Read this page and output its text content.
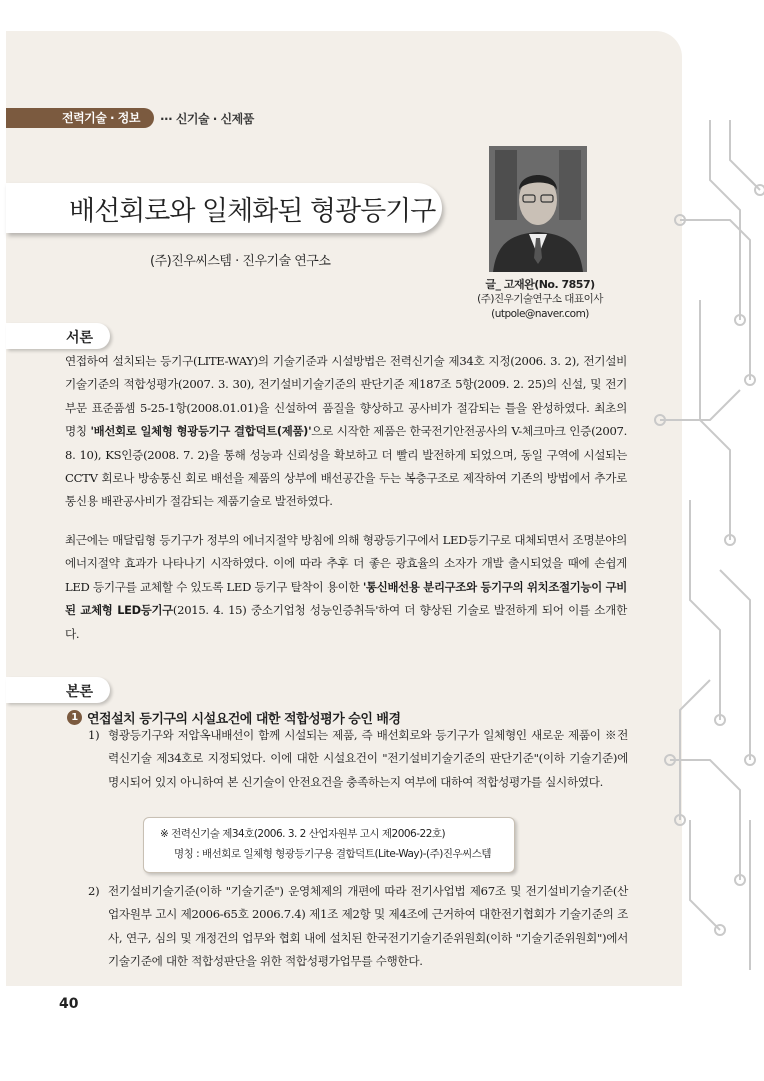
전력기술 · 정보	··· 신기술 · 신제품
배선회로와 일체화된 형광등기구
(주)진우씨스템 · 진우기술 연구소
글_ 고재완(No. 7857)
(주)진우기술연구소 대표이사
(utpole@naver.com)
서론
연접하여 설치되는 등기구(LITE-WAY)의 기술기준과 시설방법은 전력신기술 제34호 지정(2006. 3. 2), 전기설비기술기준의 적합성평가(2007. 3. 30), 전기설비기술기준의 판단기준 제187조 5항(2009. 2. 25)의 신설, 및 전기부문 표준품셈 5-25-1항(2008.01.01)을 신설하여 품질을 향상하고 공사비가 절감되는 틀을 완성하였다. 최초의 명칭 '배선회로 일체형 형광등기구 결합덕트(제품)'으로 시작한 제품은 한국전기안전공사의 V-체크마크 인증(2007. 8. 10), KS인증(2008. 7. 2)을 통해 성능과 신뢰성을 확보하고 더 빨리 발전하게 되었으며, 동일 구역에 시설되는 CCTV 회로나 방송통신 회로 배선을 제품의 상부에 배선공간을 두는 복층구조로 제작하여 기존의 방법에서 추가로 통신용 배관공사비가 절감되는 제품기술로 발전하였다.
최근에는 매달림형 등기구가 정부의 에너지절약 방침에 의해 형광등기구에서 LED등기구로 대체되면서 조명분야의 에너지절약 효과가 나타나기 시작하였다. 이에 따라 추후 더 좋은 광효율의 소자가 개발 출시되었을 때에 손쉽게 LED 등기구를 교체할 수 있도록 LED 등기구 탈착이 용이한 '통신배선용 분리구조와 등기구의 위치조절기능이 구비된 교체형 LED등기구(2015. 4. 15) 중소기업청 성능인증취득'하여 더 향상된 기술로 발전하게 되어 이를 소개한다.
본론
1 연접설치 등기구의 시설요건에 대한 적합성평가 승인 배경
1) 형광등기구와 저압옥내배선이 함께 시설되는 제품, 즉 배선회로와 등기구가 일체형인 새로운 제품이 ※전력신기술 제34호로 지정되었다. 이에 대한 시설요건이 "전기설비기술기준의 판단기준"(이하 기술기준)에 명시되어 있지 아니하여 본 신기술이 안전요건을 충족하는지 여부에 대하여 적합성평가를 실시하였다.
※ 전력신기술 제34호(2006. 3. 2 산업자원부 고시 제2006-22호)
명칭 : 배선회로 일체형 형광등기구용 결합덕트(Lite-Way)-(주)진우씨스템
2) 전기설비기술기준(이하 "기술기준") 운영체제의 개편에 따라 전기사업법 제67조 및 전기설비기술기준(산업자원부 고시 제2006-65호 2006.7.4) 제1조 제2항 및 제4조에 근거하여 대한전기협회가 기술기준의 조사, 연구, 심의 및 개정건의 업무와 협회 내에 설치된 한국전기기술기준위원회(이하 "기술기준위원회")에서 기술기준에 대한 적합성판단을 위한 적합성평가업무를 수행한다.
40
